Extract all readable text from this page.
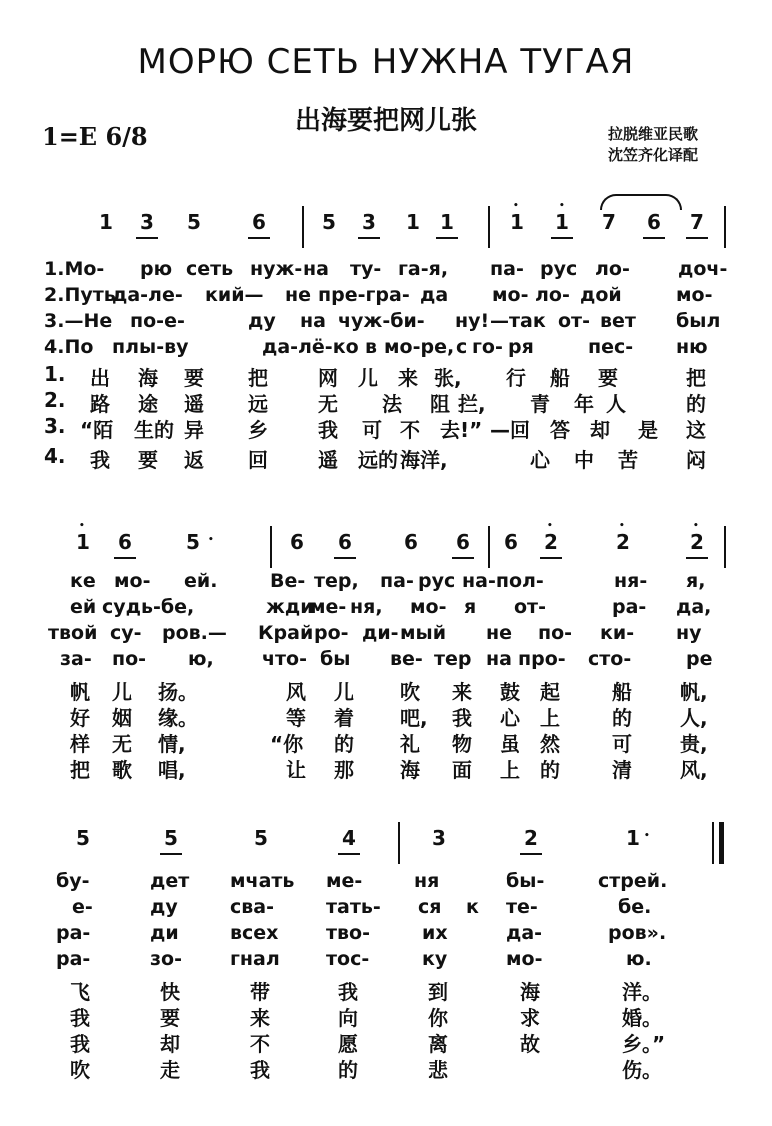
МОРЮ СЕТЬ НУЖНА ТУГАЯ
出海要把网儿张
1=E 6/8	拉脱维亚民歌
沈笠齐化译配
1 3 5	6	5 3 1 1	1
•
1
•
7 6 7

1.Мо- рю сеть нуж- на ту- га-я, па- рус ло-	доч-

2.Путь
да-ле- кий— не пре-гра- да мо- ло- дой	мо-

3.—Не по-е-	ду на чуж-би- ну! —так от- вет был

4.По плы-ву	да- лё-ко в мо-ре, с го- ря	пес- ню

1. 出 海 要 把	网 儿 来 张, 行 船 要	把

2. 路 途 遥 远	无 法 阻 拦, 青 年 人	的

3. “陌 生的 异 乡	我 可 不 去!” —回 答 却 是 这

4. 我 要 返 回	遥 远的 海洋,	心 中 苦 闷

1
•
6	5 •	6 6	6 6 6 2
•
2
•
2
•

ке мо- ей.	Ве- тер, па- рус на-пол-	ня- я,

ей судь-бе,	жди
ме- ня, мо- я от-	ра- да,

твой су- ров.— Край ро- ди- мый не по- ки- ну

за- по- ю,	что- бы ве- тер на про- сто-	ре

帆 儿 扬。	风 儿 吹 来 鼓 起	船 帆,

好 姻 缘。	等 着 吧, 我 心 上	的 人,

样 无 情,	“你 的 礼 物 虽 然	可 贵,

把 歌 唱,	让 那 海 面 上 的	清 风,

5	5	5	4	3	2	1 •

бу-	дет мчать ме-	ня	бы-	стрей.

е-	ду	сва-	тать- ся к те-	бе.

ра-	ди	всех	тво-	их	да-	ров».

ра-	зо-	гнал тос-	ку	мо-	ю.

飞	快	带	我	到	海	洋。

我	要	来	向	你	求	婚。

我	却	不	愿	离	故	乡。”

吹	走	我	的	悲	伤。
